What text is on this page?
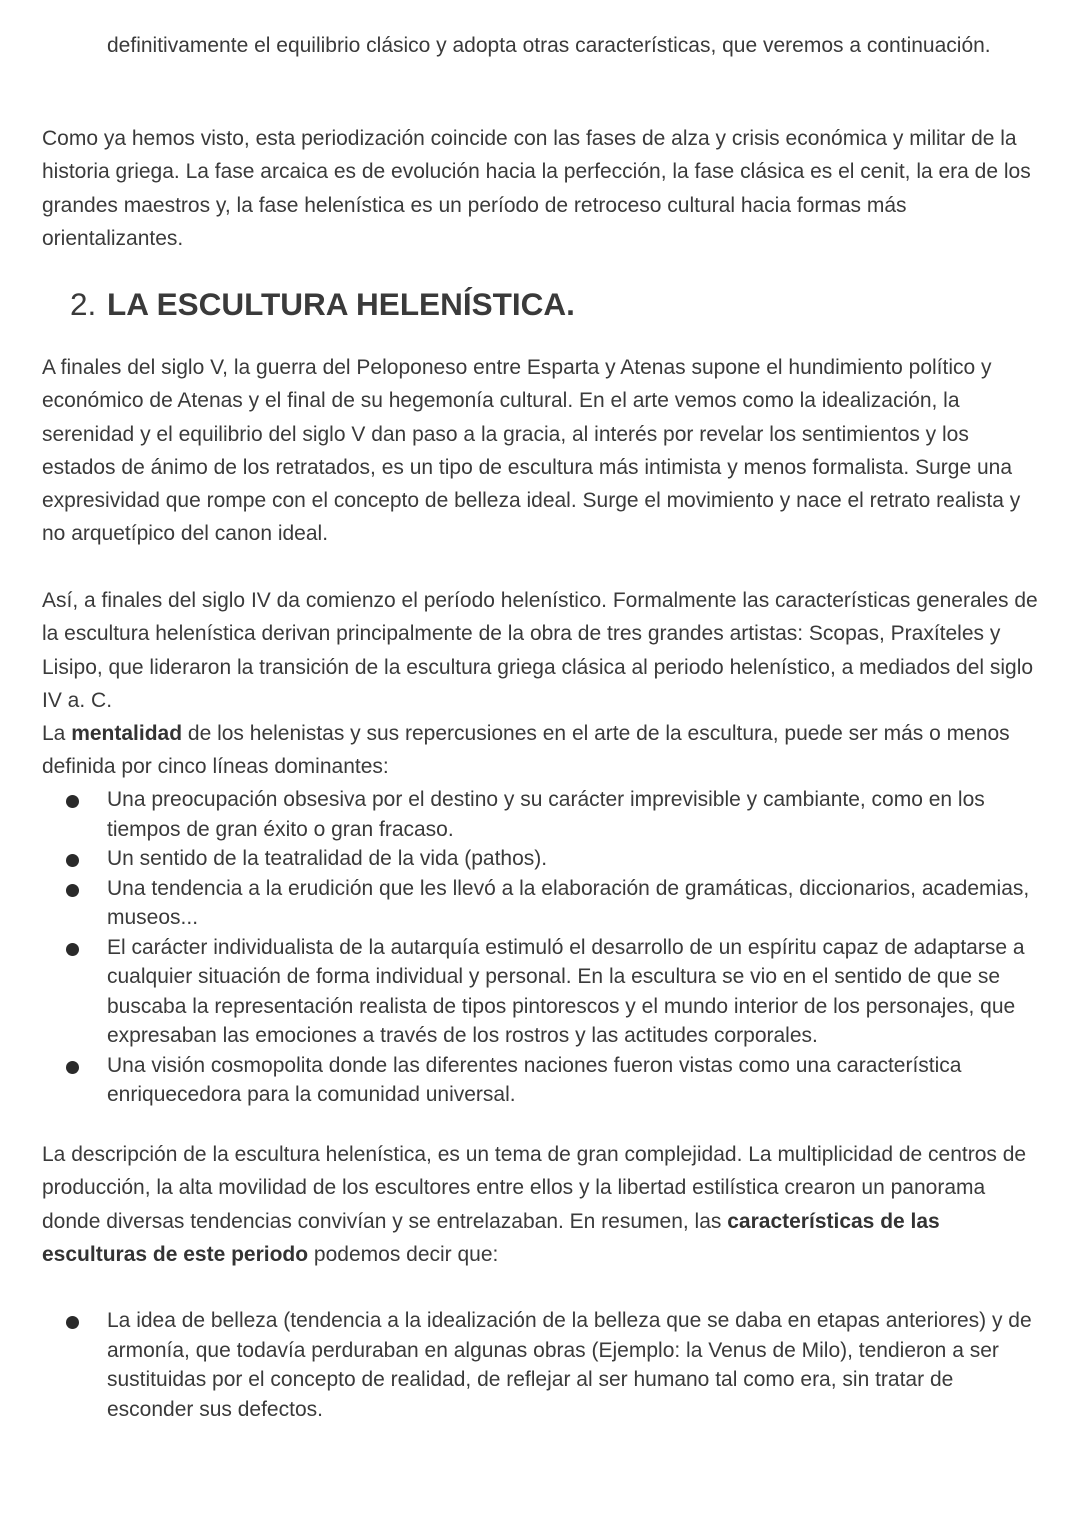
definitivamente el equilibrio clásico y adopta otras características, que veremos a continuación.

Como ya hemos visto, esta periodización coincide con las fases de alza y crisis económica y militar de la historia griega. La fase arcaica es de evolución hacia la perfección, la fase clásica es el cenit, la era de los grandes maestros y, la fase helenística es un período de retroceso cultural hacia formas más orientalizantes.

2. LA ESCULTURA HELENÍSTICA.

A finales del siglo V, la guerra del Peloponeso entre Esparta y Atenas supone el hundimiento político y económico de Atenas y el final de su hegemonía cultural. En el arte vemos como la idealización, la serenidad y el equilibrio del siglo V dan paso a la gracia, al interés por revelar los sentimientos y los estados de ánimo de los retratados, es un tipo de escultura más intimista y menos formalista. Surge una expresividad que rompe con el concepto de belleza ideal. Surge el movimiento y nace el retrato realista y no arquetípico del canon ideal.

Así, a finales del siglo IV da comienzo el período helenístico. Formalmente las características generales de la escultura helenística derivan principalmente de la obra de tres grandes artistas: Scopas, Praxíteles y Lisipo, que lideraron la transición de la escultura griega clásica al periodo helenístico, a mediados del siglo IV a. C.

La mentalidad de los helenistas y sus repercusiones en el arte de la escultura, puede ser más o menos definida por cinco líneas dominantes:

Una preocupación obsesiva por el destino y su carácter imprevisible y cambiante, como en los tiempos de gran éxito o gran fracaso.
Un sentido de la teatralidad de la vida (pathos).
Una tendencia a la erudición que les llevó a la elaboración de gramáticas, diccionarios, academias, museos...
El carácter individualista de la autarquía estimuló el desarrollo de un espíritu capaz de adaptarse a cualquier situación de forma individual y personal. En la escultura se vio en el sentido de que se buscaba la representación realista de tipos pintorescos y el mundo interior de los personajes, que expresaban las emociones a través de los rostros y las actitudes corporales.
Una visión cosmopolita donde las diferentes naciones fueron vistas como una característica enriquecedora para la comunidad universal.

La descripción de la escultura helenística, es un tema de gran complejidad. La multiplicidad de centros de producción, la alta movilidad de los escultores entre ellos y la libertad estilística crearon un panorama donde diversas tendencias convivían y se entrelazaban. En resumen, las características de las esculturas de este periodo podemos decir que:

La idea de belleza (tendencia a la idealización de la belleza que se daba en etapas anteriores) y de armonía, que todavía perduraban en algunas obras (Ejemplo: la Venus de Milo), tendieron a ser sustituidas por el concepto de realidad, de reflejar al ser humano tal como era, sin tratar de esconder sus defectos.
